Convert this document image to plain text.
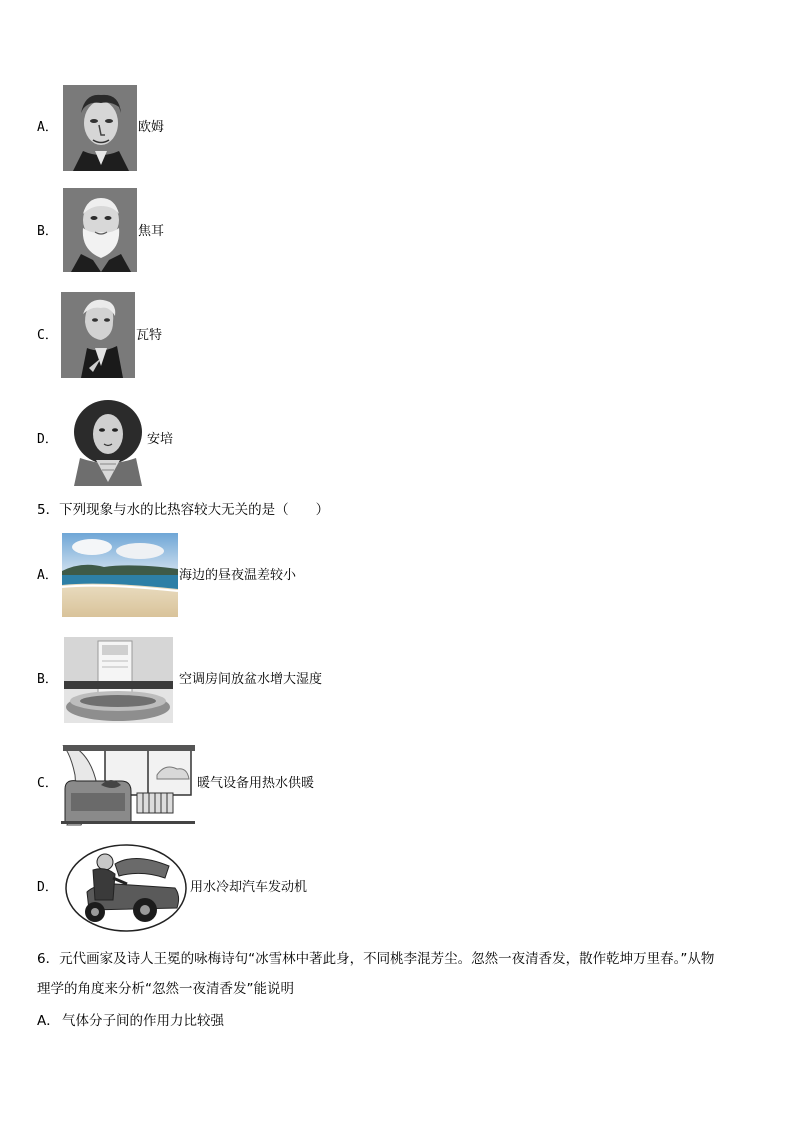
A．	欧姆
B．	焦耳
C．	瓦特
D．	安培
5．下列现象与水的比热容较大无关的是（　　）
A．	海边的昼夜温差较小
B．	空调房间放盆水增大湿度
C．	暖气设备用热水供暖
D．	用水冷却汽车发动机
6．元代画家及诗人王冕的咏梅诗句“冰雪林中著此身，不同桃李混芳尘。忽然一夜清香发，散作乾坤万里春。”从物
理学的角度来分析“忽然一夜清香发”能说明
A． 气体分子间的作用力比较强
